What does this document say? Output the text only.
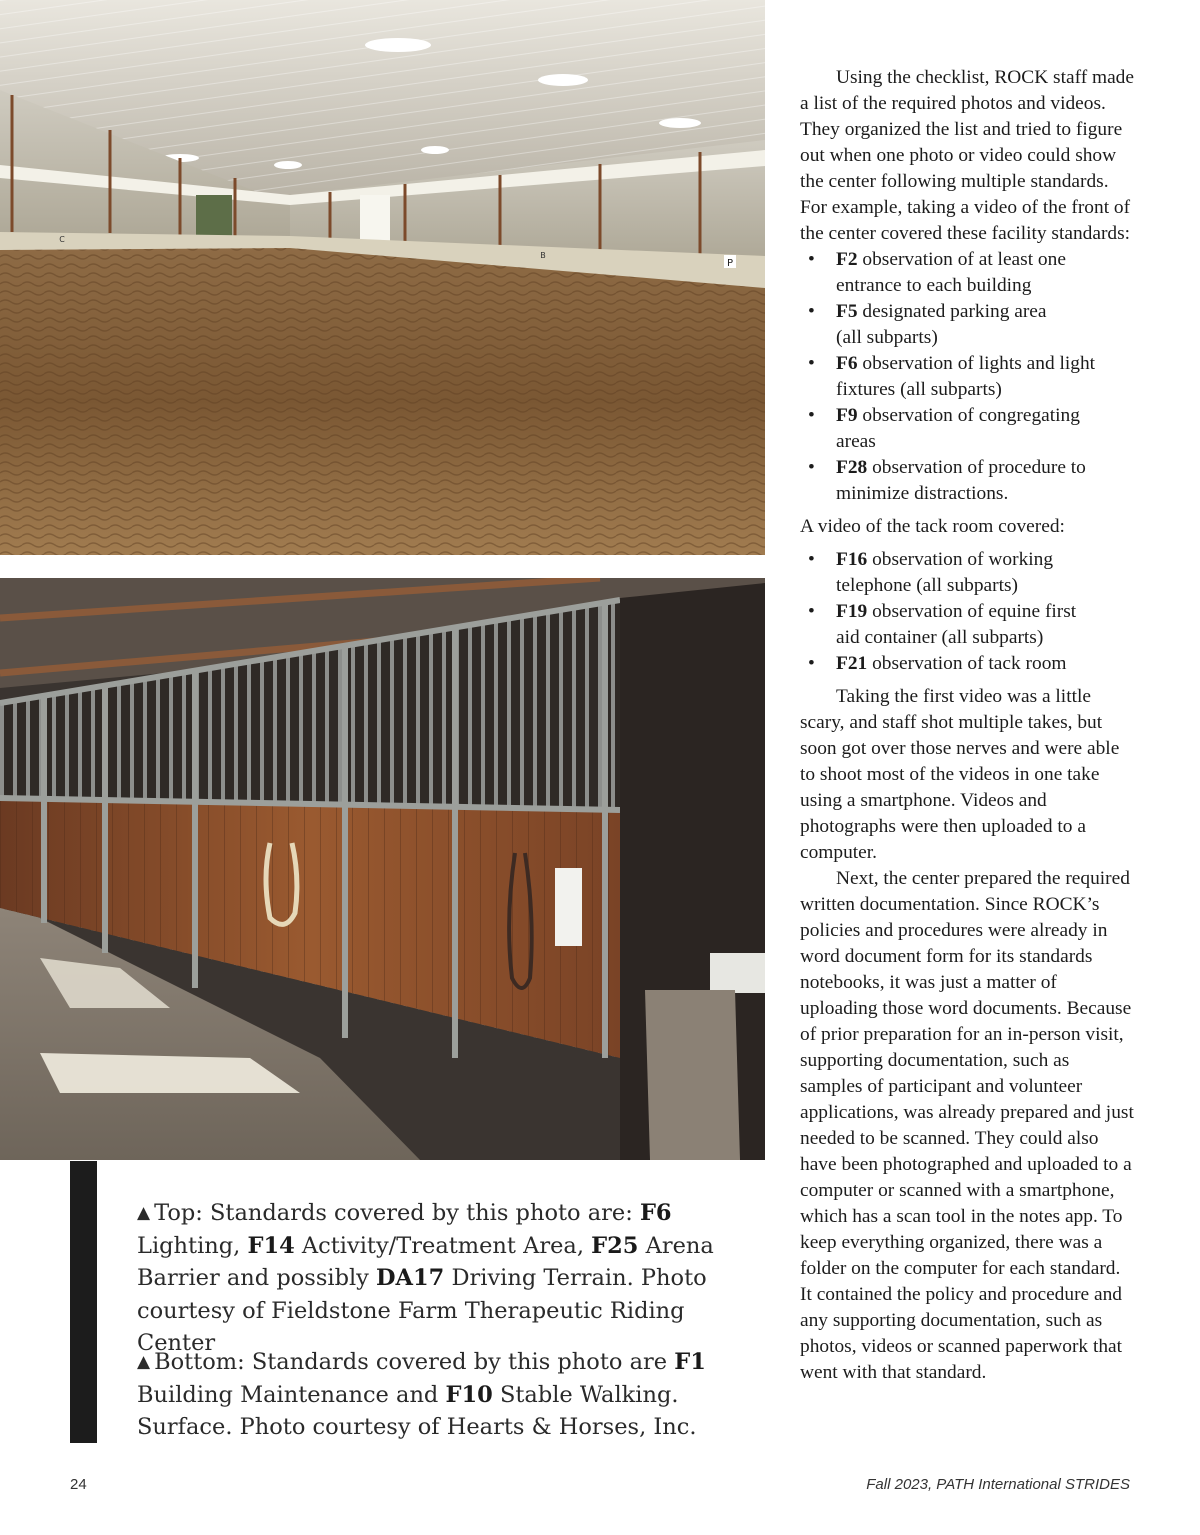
P
B
C
▲ Top: Standards covered by this photo are: F6 Lighting, F14 Activity/Treatment Area, F25 Arena Barrier and possibly DA17 Driving Terrain. Photo courtesy of Fieldstone Farm Therapeutic Riding Center
▲ Bottom: Standards covered by this photo are F1 Building Maintenance and F10 Stable Walking. Surface. Photo courtesy of Hearts & Horses, Inc.

Using the checklist, ROCK staff made a list of the required photos and videos. They organized the list and tried to figure out when one photo or video could show the center following multiple standards. For example, taking a video of the front of the center covered these facility standards:

• F2 observation of at least one
entrance to each building
• F5 designated parking area
(all subparts)
• F6 observation of lights and light
fixtures (all subparts)
• F9 observation of congregating
areas
• F28 observation of procedure to
minimize distractions.

A video of the tack room covered:

• F16 observation of working
telephone (all subparts)
• F19 observation of equine first
aid container (all subparts)
• F21 observation of tack room

Taking the first video was a little scary, and staff shot multiple takes, but soon got over those nerves and were able to shoot most of the videos in one take using a smartphone. Videos and photographs were then uploaded to a computer.

Next, the center prepared the required written documentation. Since ROCK’s policies and procedures were already in word document form for its standards notebooks, it was just a matter of uploading those word documents. Because of prior preparation for an in-person visit, supporting documentation, such as samples of participant and volunteer applications, was already prepared and just needed to be scanned. They could also have been photographed and uploaded to a computer or scanned with a smartphone, which has a scan tool in the notes app. To keep everything organized, there was a folder on the computer for each standard. It contained the policy and procedure and any supporting documentation, such as photos, videos or scanned paperwork that went with that standard.

24	Fall 2023, PATH International STRIDES
